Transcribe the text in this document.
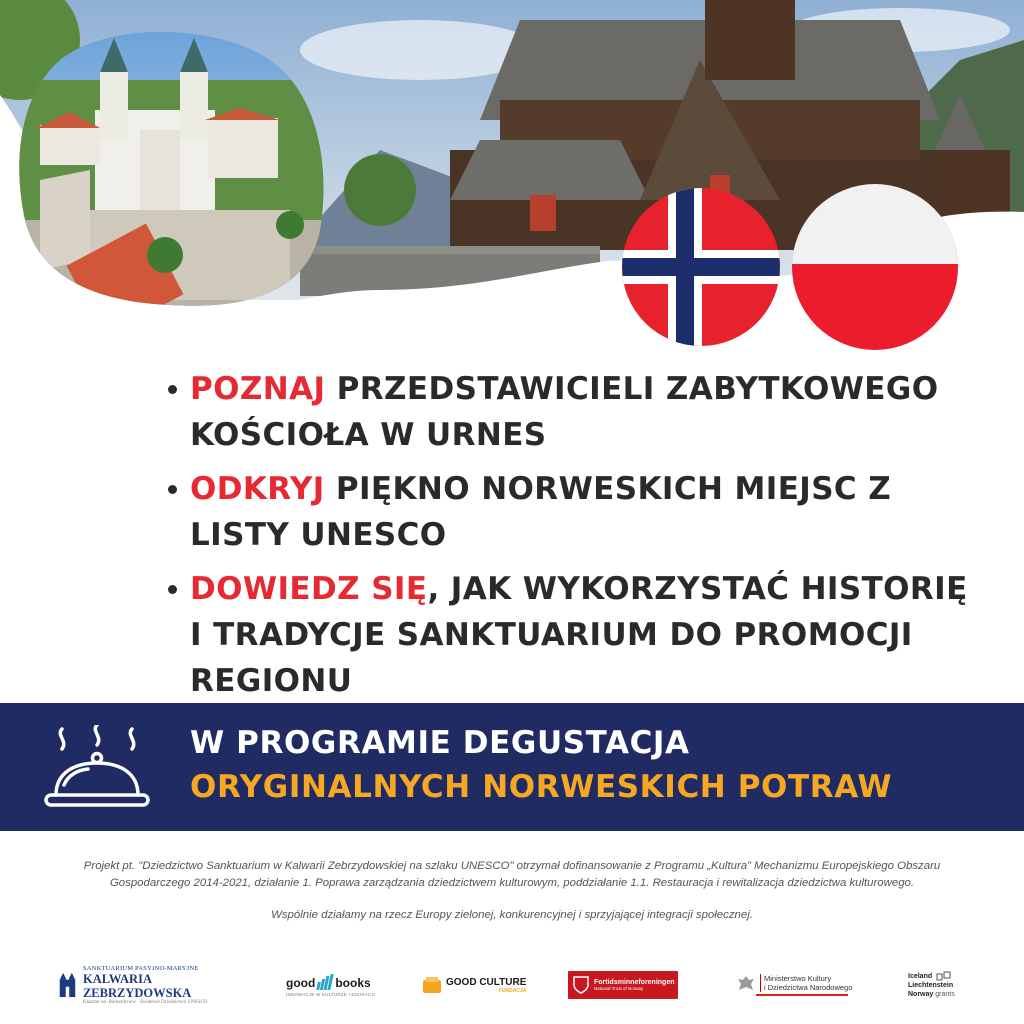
POZNAJ PRZEDSTAWICIELI ZABYTKOWEGO KOŚCIOŁA W URNES
ODKRYJ PIĘKNO NORWESKICH MIEJSC Z LISTY UNESCO
DOWIEDZ SIĘ, JAK WYKORZYSTAĆ HISTORIĘ I TRADYCJE SANKTUARIUM DO PROMOCJI REGIONU
W PROGRAMIE DEGUSTACJA
ORYGINALNYCH NORWESKICH POTRAW

Projekt pt. "Dziedzictwo Sanktuarium w Kalwarii Zebrzydowskiej na szlaku UNESCO" otrzymał dofinansowanie z Programu „Kultura” Mechanizmu Europejskiego Obszaru Gospodarczego 2014-2021, działanie 1. Poprawa zarządzania dziedzictwem kulturowym, poddziałanie 1.1. Restauracja i rewitalizacja dziedzictwa kulturowego.

Wspólnie działamy na rzecz Europy zielonej, konkurencyjnej i sprzyjającej integracji społecznej.

SANKTUARIUM PASYJNO-MARYJNE
KALWARIA ZEBRZYDOWSKA
Klasztor oo. Bernardynów · Światowe Dziedzictwo UNESCO
good books
INNOWACJE W KULTURZE I EDUKACJI
GOOD CULTURE
FUNDACJA
Fortidsminneforeningen
National Trust of Norway
Ministerstwo Kultury
i Dziedzictwa Narodowego
Iceland
Liechtenstein
Norway grants
